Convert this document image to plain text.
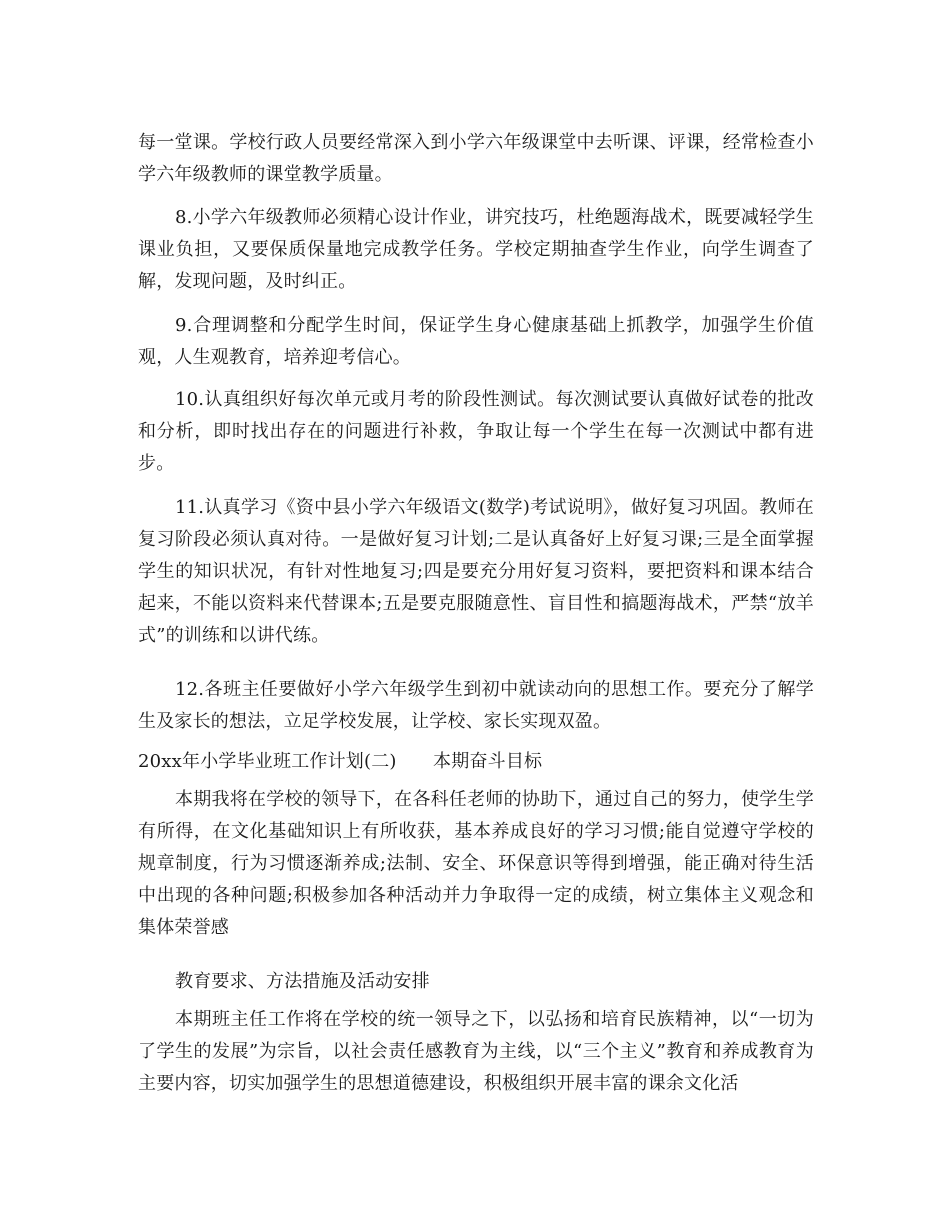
每一堂课。学校行政人员要经常深入到小学六年级课堂中去听课、评课，经常检查小学六年级教师的课堂教学质量。

8.小学六年级教师必须精心设计作业，讲究技巧，杜绝题海战术，既要减轻学生课业负担，又要保质保量地完成教学任务。学校定期抽查学生作业，向学生调查了解，发现问题，及时纠正。

9.合理调整和分配学生时间，保证学生身心健康基础上抓教学，加强学生价值观，人生观教育，培养迎考信心。

10.认真组织好每次单元或月考的阶段性测试。每次测试要认真做好试卷的批改和分析，即时找出存在的问题进行补救，争取让每一个学生在每一次测试中都有进步。

11.认真学习《资中县小学六年级语文(数学)考试说明》，做好复习巩固。教师在复习阶段必须认真对待。一是做好复习计划;二是认真备好上好复习课;三是全面掌握学生的知识状况，有针对性地复习;四是要充分用好复习资料，要把资料和课本结合起来，不能以资料来代替课本;五是要克服随意性、盲目性和搞题海战术，严禁“放羊式”的训练和以讲代练。

12.各班主任要做好小学六年级学生到初中就读动向的思想工作。要充分了解学生及家长的想法，立足学校发展，让学校、家长实现双盈。

20xx年小学毕业班工作计划(二)　　本期奋斗目标

本期我将在学校的领导下，在各科任老师的协助下，通过自己的努力，使学生学有所得，在文化基础知识上有所收获，基本养成良好的学习习惯;能自觉遵守学校的规章制度，行为习惯逐渐养成;法制、安全、环保意识等得到增强，能正确对待生活中出现的各种问题;积极参加各种活动并力争取得一定的成绩，树立集体主义观念和集体荣誉感

教育要求、方法措施及活动安排

本期班主任工作将在学校的统一领导之下，以弘扬和培育民族精神，以“一切为了学生的发展”为宗旨，以社会责任感教育为主线，以“三个主义”教育和养成教育为主要内容，切实加强学生的思想道德建设，积极组织开展丰富的课余文化活
